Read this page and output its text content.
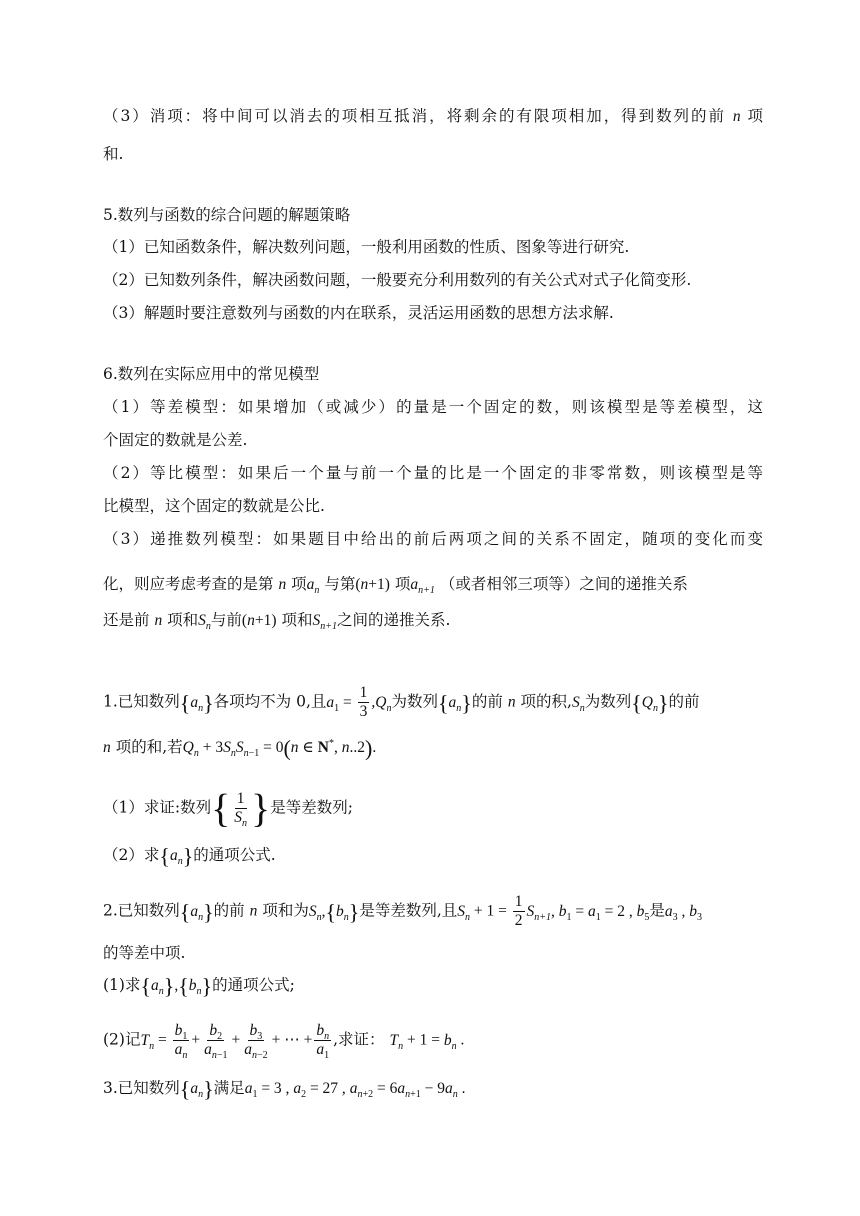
（3）消项：将中间可以消去的项相互抵消，将剩余的有限项相加，得到数列的前 n 项
和.
5.数列与函数的综合问题的解题策略
（1）已知函数条件，解决数列问题，一般利用函数的性质、图象等进行研究.
（2）已知数列条件，解决函数问题，一般要充分利用数列的有关公式对式子化简变形.
（3）解题时要注意数列与函数的内在联系，灵活运用函数的思想方法求解.
6.数列在实际应用中的常见模型
（1）等差模型：如果增加（或减少）的量是一个固定的数，则该模型是等差模型，这
个固定的数就是公差.
（2）等比模型：如果后一个量与前一个量的比是一个固定的非零常数，则该模型是等
比模型，这个固定的数就是公比.
（3）递推数列模型：如果题目中给出的前后两项之间的关系不固定，随项的变化而变
化，则应考虑考查的是第 n 项$a_n$ 与第(n+1) 项$a_{n+1}$ （或者相邻三项等）之间的递推关系
还是前 n 项和$S_n$与前(n+1) 项和$S_{n+1}$之间的递推关系.
1.已知数列$\{a_n\}$各项均不为 0,且$a_1 = \frac{1}{3} ,Q_n$为数列$\{a_n\}$的前 n 项的积$,S_n$为数列$\{Q_n\}$的前
n 项的和,若$Q_n + 3S_nS_{n-1} = 0(n$ ∈ N*, n..2).
（1）求证:数列{ $\frac{1}{S_n}$ }是等差数列;
（2）求$\{a_n\}$的通项公式.
2.已知数列$\{a_n\}$的前 n 项和为$S_n,\{b_n\}$是等差数列,且$S_n + 1 = \frac{1}{2} S_{n+1}$, $b_1 = a_1 = 2$ , $b_5$是$a_3$ , $b_3$
的等差中项.
(1)求$\{a_n\},\{b_n\}$的通项公式;
(2)记$T_n = \frac{b_1}{a_n} + \frac{b_2}{a_{n-1}} + \frac{b_3}{a_{n-2}}$ + ⋯ + $\frac{b_n}{a_1}$ ,求证： $T_n + 1 = b_n$ .
3.已知数列$\{a_n\}$满足$a_1 = 3$ , $a_2 = 27$ , $a_{n+2} = 6a_{n+1} - 9a_n$ .
